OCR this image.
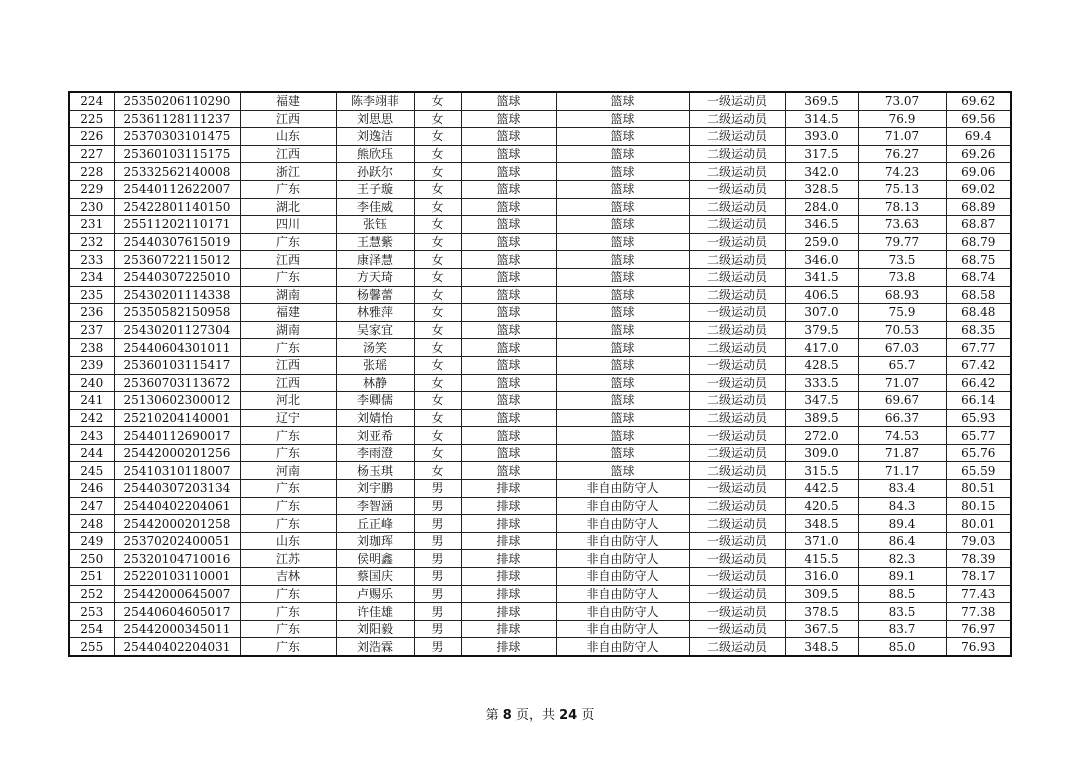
224	25350206110290	福建	陈李翊菲	女	篮球	篮球	一级运动员	369.5	73.07	69.62
225	25361128111237	江西	刘思思	女	篮球	篮球	二级运动员	314.5	76.9	69.56
226	25370303101475	山东	刘逸洁	女	篮球	篮球	二级运动员	393.0	71.07	69.4
227	25360103115175	江西	熊欣珏	女	篮球	篮球	二级运动员	317.5	76.27	69.26
228	25332562140008	浙江	孙跃尔	女	篮球	篮球	二级运动员	342.0	74.23	69.06
229	25440112622007	广东	王子璇	女	篮球	篮球	一级运动员	328.5	75.13	69.02
230	25422801140150	湖北	李佳威	女	篮球	篮球	二级运动员	284.0	78.13	68.89
231	25511202110171	四川	张钰	女	篮球	篮球	二级运动员	346.5	73.63	68.87
232	25440307615019	广东	王慧紫	女	篮球	篮球	一级运动员	259.0	79.77	68.79
233	25360722115012	江西	康泽慧	女	篮球	篮球	二级运动员	346.0	73.5	68.75
234	25440307225010	广东	方天琦	女	篮球	篮球	二级运动员	341.5	73.8	68.74
235	25430201114338	湖南	杨馨蕾	女	篮球	篮球	二级运动员	406.5	68.93	68.58
236	25350582150958	福建	林雅萍	女	篮球	篮球	一级运动员	307.0	75.9	68.48
237	25430201127304	湖南	吴家宜	女	篮球	篮球	二级运动员	379.5	70.53	68.35
238	25440604301011	广东	汤笑	女	篮球	篮球	二级运动员	417.0	67.03	67.77
239	25360103115417	江西	张瑶	女	篮球	篮球	一级运动员	428.5	65.7	67.42
240	25360703113672	江西	林静	女	篮球	篮球	一级运动员	333.5	71.07	66.42
241	25130602300012	河北	李卿儒	女	篮球	篮球	二级运动员	347.5	69.67	66.14
242	25210204140001	辽宁	刘婧怡	女	篮球	篮球	二级运动员	389.5	66.37	65.93
243	25440112690017	广东	刘亚希	女	篮球	篮球	一级运动员	272.0	74.53	65.77
244	25442000201256	广东	李雨澄	女	篮球	篮球	二级运动员	309.0	71.87	65.76
245	25410310118007	河南	杨玉琪	女	篮球	篮球	二级运动员	315.5	71.17	65.59
246	25440307203134	广东	刘宇鹏	男	排球	非自由防守人	一级运动员	442.5	83.4	80.51
247	25440402204061	广东	李智涵	男	排球	非自由防守人	二级运动员	420.5	84.3	80.15
248	25442000201258	广东	丘正峰	男	排球	非自由防守人	二级运动员	348.5	89.4	80.01
249	25370202400051	山东	刘珈珲	男	排球	非自由防守人	一级运动员	371.0	86.4	79.03
250	25320104710016	江苏	侯明鑫	男	排球	非自由防守人	一级运动员	415.5	82.3	78.39
251	25220103110001	吉林	蔡国庆	男	排球	非自由防守人	一级运动员	316.0	89.1	78.17
252	25442000645007	广东	卢赐乐	男	排球	非自由防守人	一级运动员	309.5	88.5	77.43
253	25440604605017	广东	许佳雄	男	排球	非自由防守人	一级运动员	378.5	83.5	77.38
254	25442000345011	广东	刘阳毅	男	排球	非自由防守人	一级运动员	367.5	83.7	76.97
255	25440402204031	广东	刘浩霖	男	排球	非自由防守人	二级运动员	348.5	85.0	76.93
第 8 页，共 24 页
